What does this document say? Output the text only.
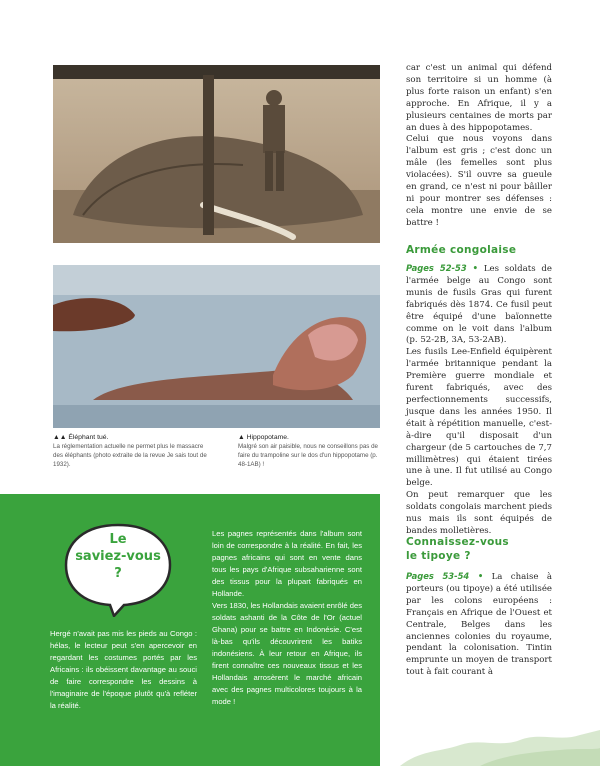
▲▲ Éléphant tué.
La réglementation actuelle ne permet plus le massacre des éléphants (photo extraite de la revue Je sais tout de 1932).
▲ Hippopotame.
Malgré son air paisible, nous ne conseillons pas de faire du trampoline sur le dos d'un hippopotame (p. 48-1AB) !

car c'est un animal qui défend son territoire si un homme (à plus forte raison un enfant) s'en approche. En Afrique, il y a plusieurs centaines de morts par an dues à des hippopotames.

Celui que nous voyons dans l'album est gris ; c'est donc un mâle (les femelles sont plus violacées). S'il ouvre sa gueule en grand, ce n'est ni pour bâiller ni pour montrer ses défenses : cela montre une envie de se battre !

Armée congolaise

Pages 52-53 • Les soldats de l'armée belge au Congo sont munis de fusils Gras qui furent fabriqués dès 1874. Ce fusil peut être équipé d'une baïonnette comme on le voit dans l'album (p. 52-2B, 3A, 53-2AB).

Les fusils Lee-Enfield équipèrent l'armée britannique pendant la Première guerre mondiale et furent fabriqués, avec des perfectionnements successifs, jusque dans les années 1950. Il était à répétition manuelle, c'est-à-dire qu'il disposait d'un chargeur (de 5 cartouches de 7,7 millimètres) qui étaient tirées une à une. Il fut utilisé au Congo belge.

On peut remarquer que les soldats congolais marchent pieds nus mais ils sont équipés de bandes molletières.

Connaissez-vous
le tipoye ?

Pages 53-54 • La chaise à porteurs (ou tipoye) a été utilisée par les colons européens : Français en Afrique de l'Ouest et Centrale, Belges dans les anciennes colonies du royaume, pendant la colonisation. Tintin emprunte un moyen de transport tout à fait courant à

Le
saviez-vous
?

Hergé n'avait pas mis les pieds au Congo : hélas, le lecteur peut s'en apercevoir en regardant les costumes portés par les Africains : ils obéissent davantage au souci de faire correspondre les dessins à l'imaginaire de l'époque plutôt qu'à refléter la réalité.

Les pagnes représentés dans l'album sont loin de correspondre à la réalité. En fait, les pagnes africains qui sont en vente dans tous les pays d'Afrique subsaharienne sont des tissus pour la plupart fabriqués en Hollande.

Vers 1830, les Hollandais avaient enrôlé des soldats ashanti de la Côte de l'Or (actuel Ghana) pour se battre en Indonésie. C'est là-bas qu'ils découvrirent les batiks indonésiens. À leur retour en Afrique, ils firent connaître ces nouveaux tissus et les Hollandais arrosèrent le marché africain avec des pagnes multicolores toujours à la mode !
